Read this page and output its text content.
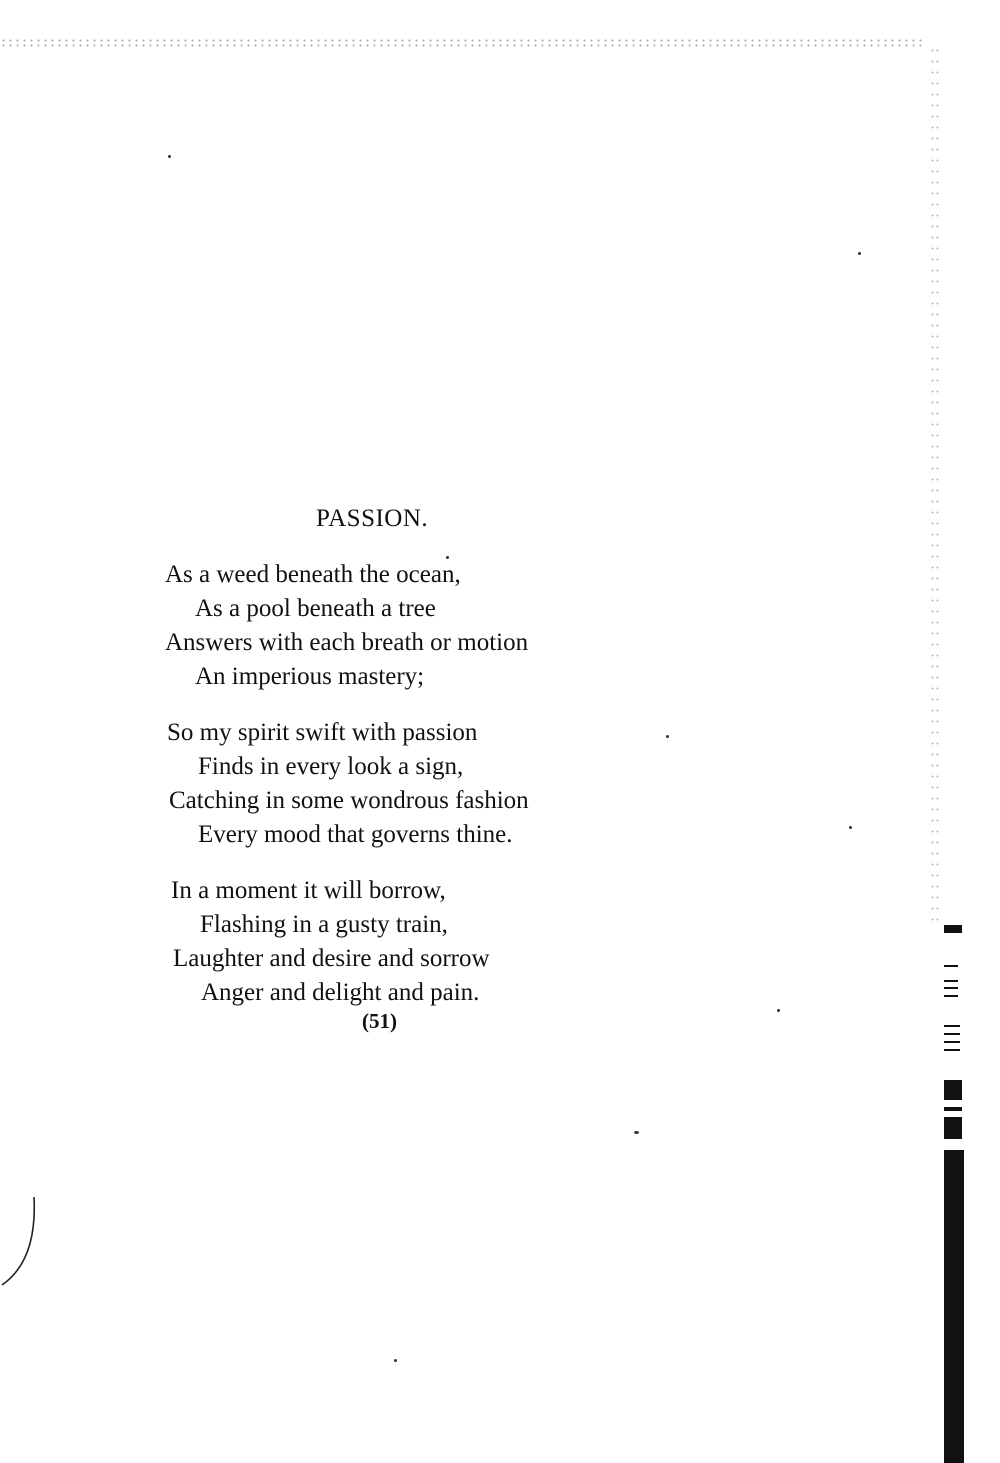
PASSION.
As a weed beneath the ocean,
As a pool beneath a tree
Answers with each breath or motion
An imperious mastery;
So my spirit swift with passion
Finds in every look a sign,
Catching in some wondrous fashion
Every mood that governs thine.
In a moment it will borrow,
Flashing in a gusty train,
Laughter and desire and sorrow
Anger and delight and pain.
(51)
